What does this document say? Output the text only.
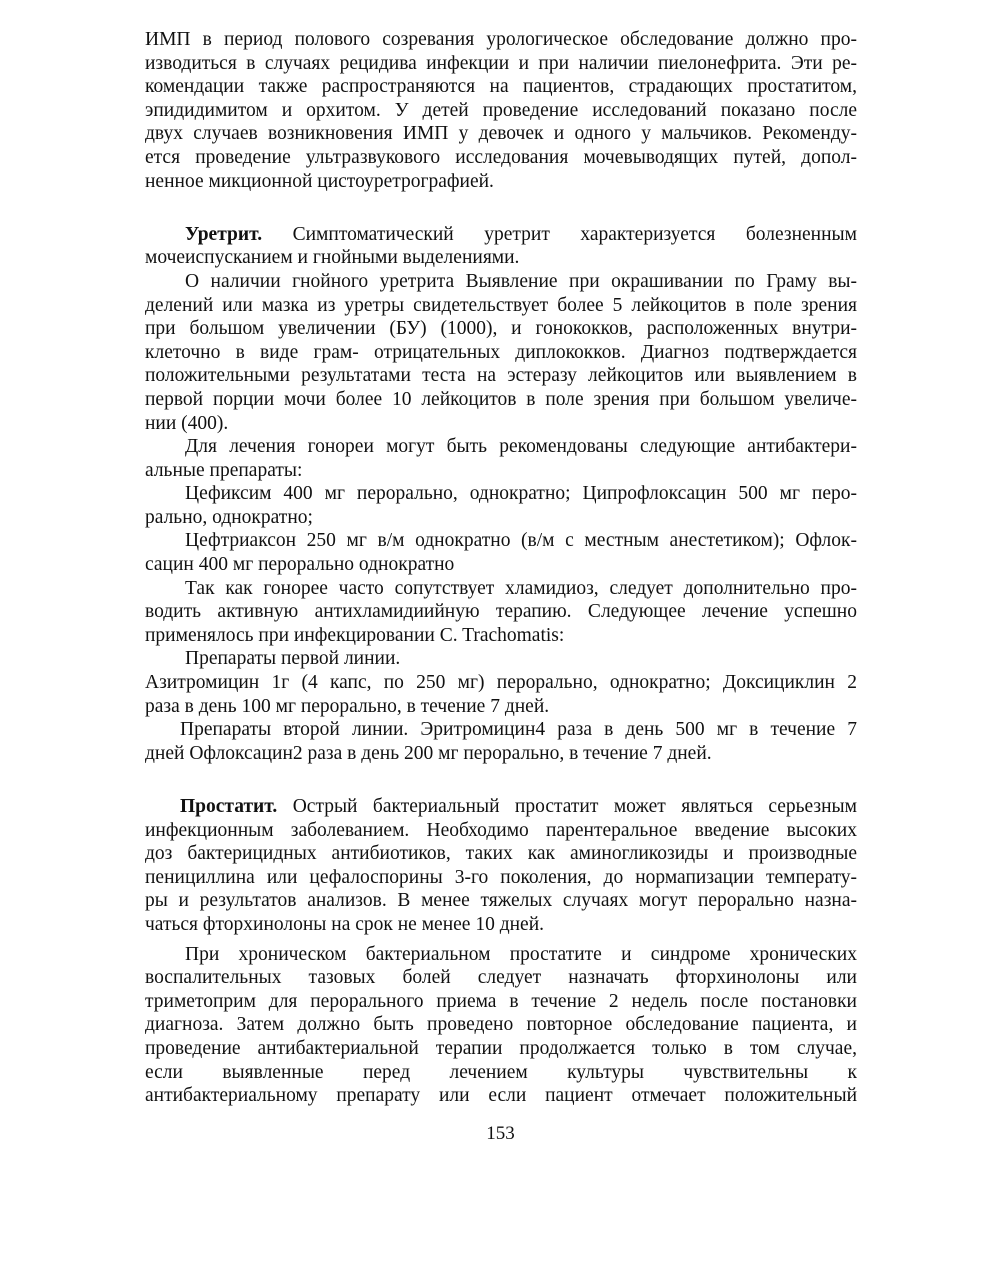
ИМП в период полового созревания урологическое обследование должно про-
изводиться в случаях рецидива инфекции и при наличии пиелонефрита. Эти ре-
комендации также распространяются на пациентов, страдающих простатитом,
эпидидимитом и орхитом. У детей проведение исследований показано после
двух случаев возникновения ИМП у девочек и одного у мальчиков. Рекоменду-
ется проведение ультразвукового исследования мочевыводящих путей, допол-
ненное микционной цистоуретрографией.
Уретрит. Симптоматический уретрит характеризуется болезненным
мочеиспусканием и гнойными выделениями.
О наличии гнойного уретрита Выявление при окрашивании по Граму вы-
делений или мазка из уретры свидетельствует более 5 лейкоцитов в поле зрения
при большом увеличении (БУ) (1000), и гонококков, расположенных внутри-
клеточно в виде грам- отрицательных диплококков. Диагноз подтверждается
положительными результатами теста на эстеразу лейкоцитов или выявлением в
первой порции мочи более 10 лейкоцитов в поле зрения при большом увеличе-
нии (400).
Для лечения гонореи могут быть рекомендованы следующие антибактери-
альные препараты:
Цефиксим 400 мг перорально, однократно; Ципрофлоксацин 500 мг перо-
рально, однократно;
Цефтриаксон 250 мг в/м однократно (в/м с местным анестетиком); Офлок-
сацин 400 мг перорально однократно
Так как гонорее часто сопутствует хламидиоз, следует дополнительно про-
водить активную антихламидиийную терапию. Следующее лечение успешно
применялось при инфекцировании C. Trachomatis:
Препараты первой линии.
Азитромицин 1г (4 капс, по 250 мг) перорально, однократно; Доксициклин 2
раза в день 100 мг перорально, в течение 7 дней.
Препараты второй линии. Эритромицин4 раза в день 500 мг в течение 7
дней Офлоксацин2 раза в день 200 мг перорально, в течение 7 дней.
Простатит. Острый бактериальный простатит может являться серьезным
инфекционным заболеванием. Необходимо парентеральное введение высоких
доз бактерицидных антибиотиков, таких как аминогликозиды и производные
пенициллина или цефалоспорины 3-го поколения, до нормапизации температу-
ры и результатов анализов. В менее тяжелых случаях могут перорально назна-
чаться фторхинолоны на срок не менее 10 дней.
При хроническом бактериальном простатите и синдроме хронических
воспалительных тазовых болей следует назначать фторхинолоны или
триметоприм для перорального приема в течение 2 недель после постановки
диагноза. Затем должно быть проведено повторное обследование пациента, и
проведение антибактериальной терапии продолжается только в том случае,
если выявленные перед лечением культуры чувствительны к
антибактериальному препарату или если пациент отмечает положительный
153
